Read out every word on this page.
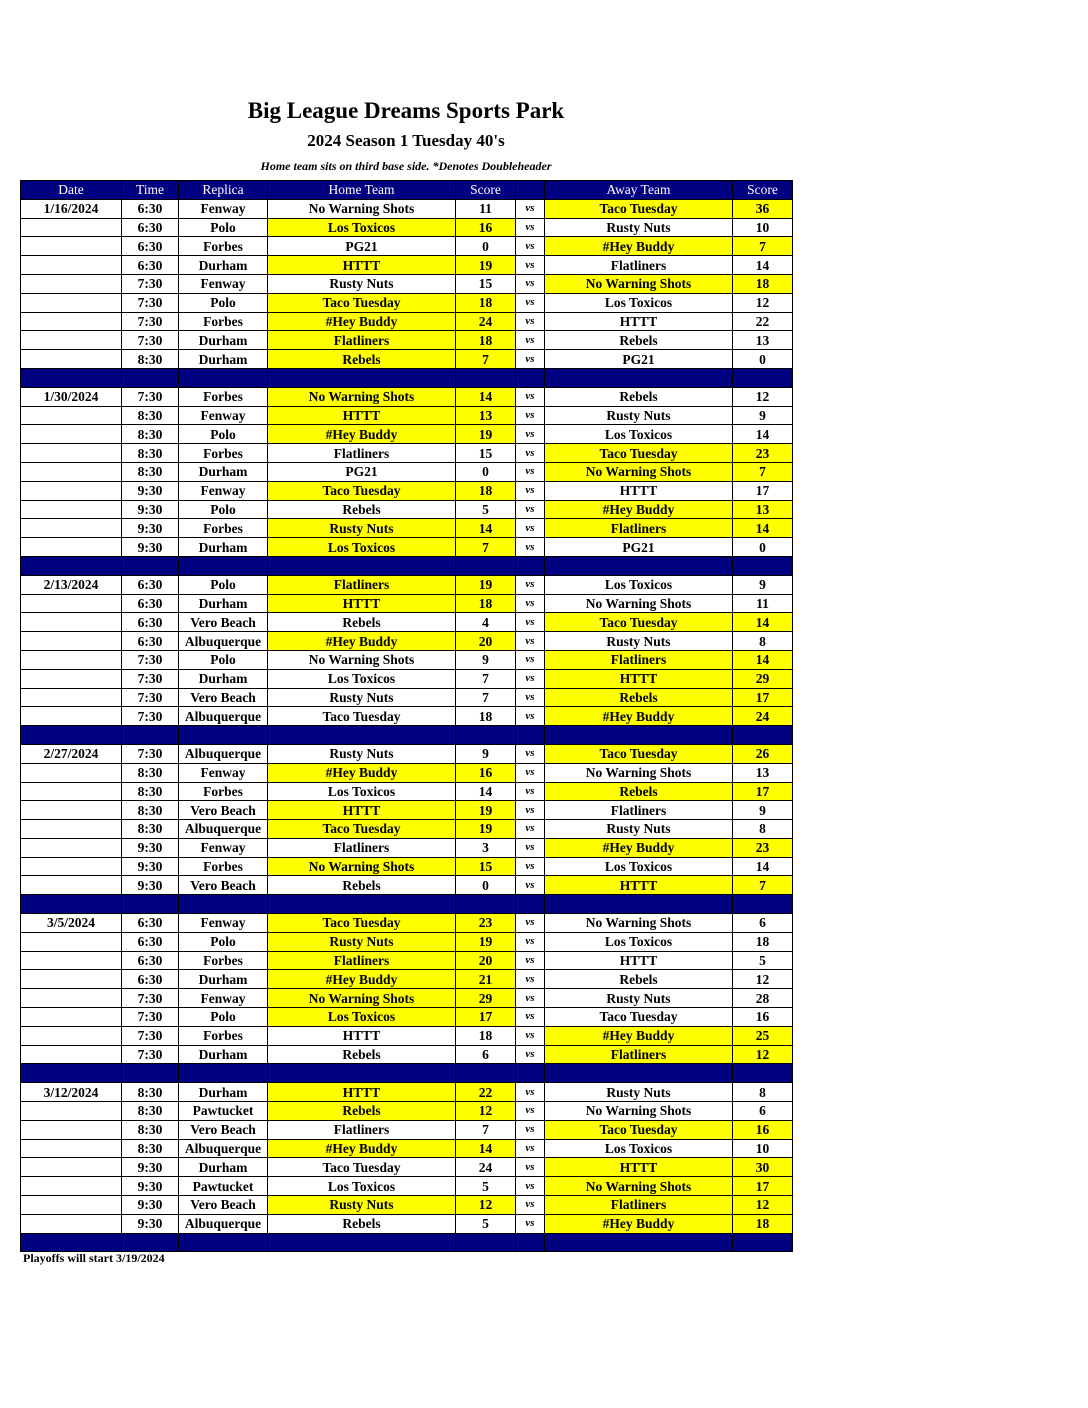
Big League Dreams Sports Park
2024 Season 1 Tuesday 40's
Home team sits on third base side. *Denotes Doubleheader
Date	Time	Replica	Home Team	Score		Away Team	Score
1/16/2024	6:30	Fenway	No Warning Shots	11	vs	Taco Tuesday	36
	6:30	Polo	Los Toxicos	16	vs	Rusty Nuts	10
	6:30	Forbes	PG21	0	vs	#Hey Buddy	7
	6:30	Durham	HTTT	19	vs	Flatliners	14
	7:30	Fenway	Rusty Nuts	15	vs	No Warning Shots	18
	7:30	Polo	Taco Tuesday	18	vs	Los Toxicos	12
	7:30	Forbes	#Hey Buddy	24	vs	HTTT	22
	7:30	Durham	Flatliners	18	vs	Rebels	13
	8:30	Durham	Rebels	7	vs	PG21	0

1/30/2024	7:30	Forbes	No Warning Shots	14	vs	Rebels	12
	8:30	Fenway	HTTT	13	vs	Rusty Nuts	9
	8:30	Polo	#Hey Buddy	19	vs	Los Toxicos	14
	8:30	Forbes	Flatliners	15	vs	Taco Tuesday	23
	8:30	Durham	PG21	0	vs	No Warning Shots	7
	9:30	Fenway	Taco Tuesday	18	vs	HTTT	17
	9:30	Polo	Rebels	5	vs	#Hey Buddy	13
	9:30	Forbes	Rusty Nuts	14	vs	Flatliners	14
	9:30	Durham	Los Toxicos	7	vs	PG21	0

2/13/2024	6:30	Polo	Flatliners	19	vs	Los Toxicos	9
	6:30	Durham	HTTT	18	vs	No Warning Shots	11
	6:30	Vero Beach	Rebels	4	vs	Taco Tuesday	14
	6:30	Albuquerque	#Hey Buddy	20	vs	Rusty Nuts	8
	7:30	Polo	No Warning Shots	9	vs	Flatliners	14
	7:30	Durham	Los Toxicos	7	vs	HTTT	29
	7:30	Vero Beach	Rusty Nuts	7	vs	Rebels	17
	7:30	Albuquerque	Taco Tuesday	18	vs	#Hey Buddy	24

2/27/2024	7:30	Albuquerque	Rusty Nuts	9	vs	Taco Tuesday	26
	8:30	Fenway	#Hey Buddy	16	vs	No Warning Shots	13
	8:30	Forbes	Los Toxicos	14	vs	Rebels	17
	8:30	Vero Beach	HTTT	19	vs	Flatliners	9
	8:30	Albuquerque	Taco Tuesday	19	vs	Rusty Nuts	8
	9:30	Fenway	Flatliners	3	vs	#Hey Buddy	23
	9:30	Forbes	No Warning Shots	15	vs	Los Toxicos	14
	9:30	Vero Beach	Rebels	0	vs	HTTT	7

3/5/2024	6:30	Fenway	Taco Tuesday	23	vs	No Warning Shots	6
	6:30	Polo	Rusty Nuts	19	vs	Los Toxicos	18
	6:30	Forbes	Flatliners	20	vs	HTTT	5
	6:30	Durham	#Hey Buddy	21	vs	Rebels	12
	7:30	Fenway	No Warning Shots	29	vs	Rusty Nuts	28
	7:30	Polo	Los Toxicos	17	vs	Taco Tuesday	16
	7:30	Forbes	HTTT	18	vs	#Hey Buddy	25
	7:30	Durham	Rebels	6	vs	Flatliners	12

3/12/2024	8:30	Durham	HTTT	22	vs	Rusty Nuts	8
	8:30	Pawtucket	Rebels	12	vs	No Warning Shots	6
	8:30	Vero Beach	Flatliners	7	vs	Taco Tuesday	16
	8:30	Albuquerque	#Hey Buddy	14	vs	Los Toxicos	10
	9:30	Durham	Taco Tuesday	24	vs	HTTT	30
	9:30	Pawtucket	Los Toxicos	5	vs	No Warning Shots	17
	9:30	Vero Beach	Rusty Nuts	12	vs	Flatliners	12
	9:30	Albuquerque	Rebels	5	vs	#Hey Buddy	18

Playoffs will start 3/19/2024
